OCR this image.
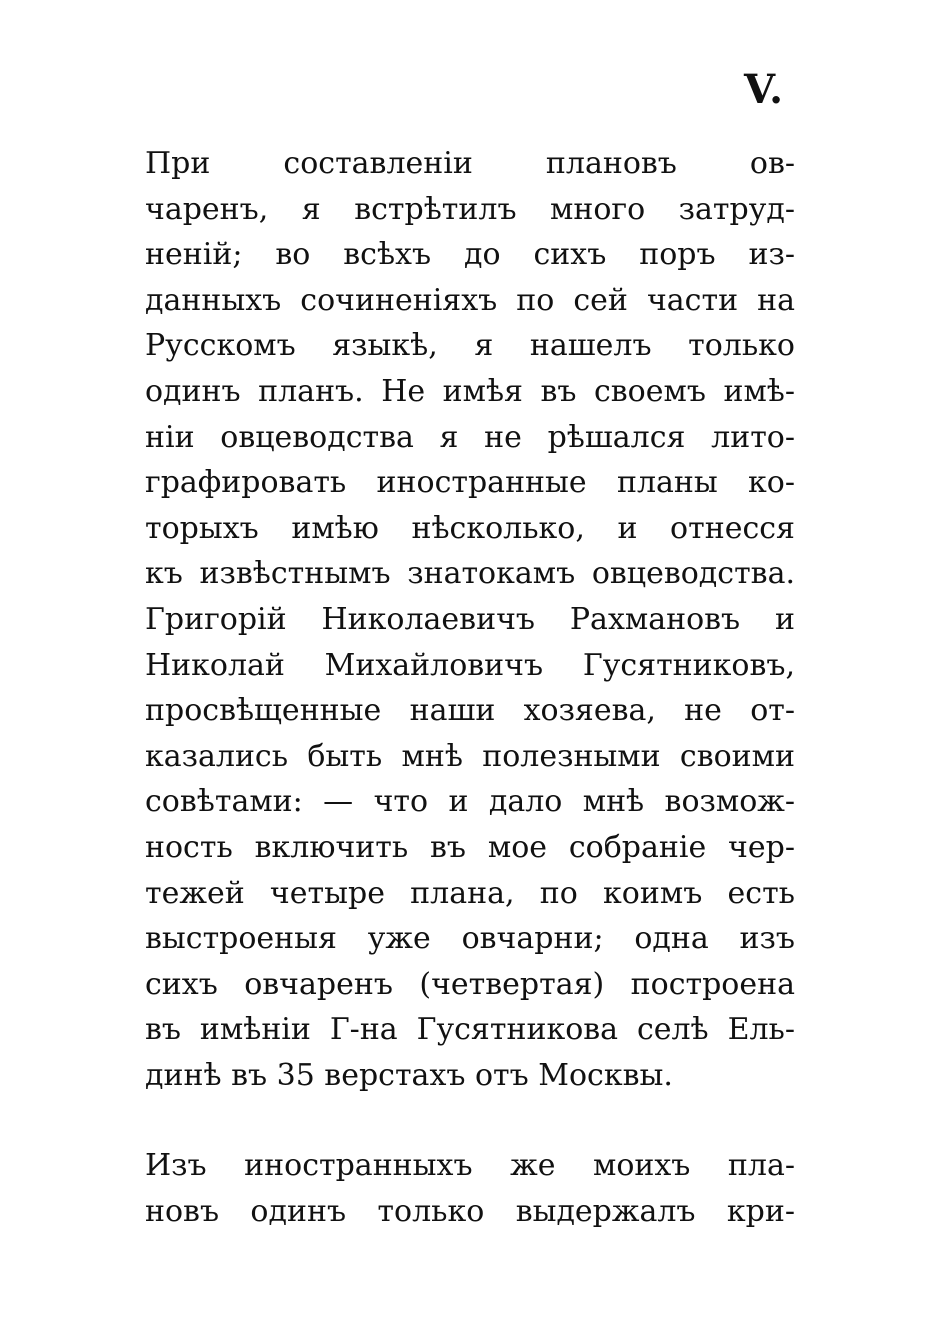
V.
При составленіи плановъ ов-
чаренъ, я встрѣтилъ много затруд-
неній; во всѣхъ до сихъ поръ из-
данныхъ сочиненіяхъ по сей части на
Русскомъ языкѣ, я нашелъ только
одинъ планъ. Не имѣя въ своемъ имѣ-
ніи овцеводства я не рѣшался лито-
графировать иностранные планы ко-
торыхъ имѣю нѣсколько, и отнесся
къ извѣстнымъ знатокамъ овцеводства.
Григорій Николаевичъ Рахмановъ и
Николай Михайловичъ Гусятниковъ,
просвѣщенные наши хозяева, не от-
казались быть мнѣ полезными своими
совѣтами: — что и дало мнѣ возмож-
ность включить въ мое собраніе чер-
тежей четыре плана, по коимъ есть
выстроеныя уже овчарни; одна изъ
сихъ овчаренъ (четвертая) построена
въ имѣніи Г-на Гусятникова селѣ Ель-
динѣ въ 35 верстахъ отъ Москвы.
Изъ иностранныхъ же моихъ пла-
новъ одинъ только выдержалъ кри-
